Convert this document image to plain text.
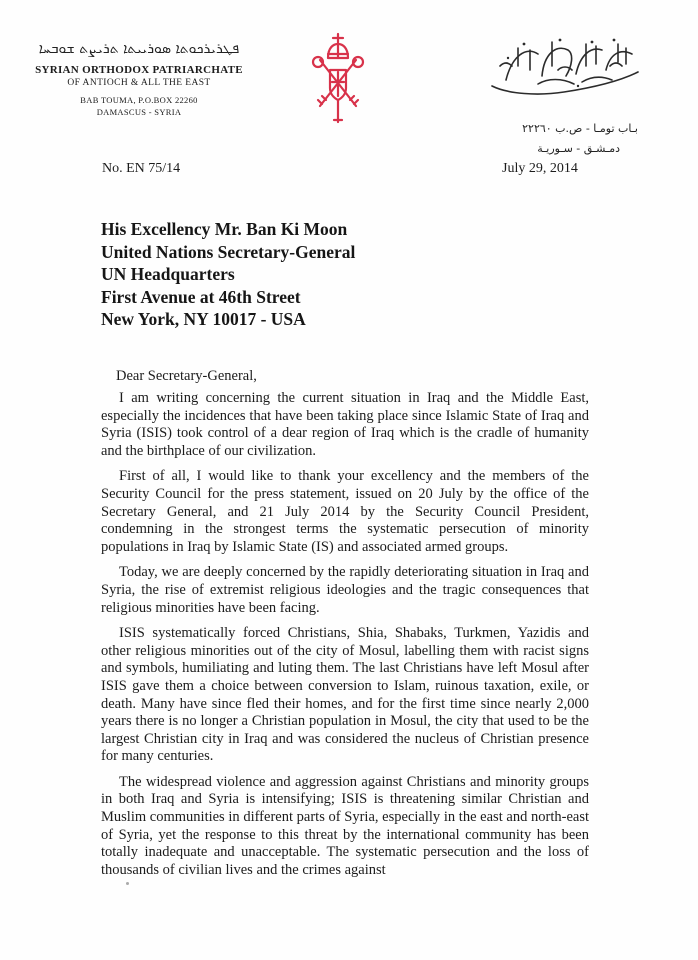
ܦܛܪܝܪܟܘܬܐ ܣܘܪܝܝܬܐ ܬܪܝܨܬ ܫܘܒܚܐ
SYRIAN ORTHODOX PATRIARCHATE
OF ANTIOCH & ALL THE EAST
BAB TOUMA, P.O.BOX 22260
DAMASCUS - SYRIA
بـاب تومـا - ص.ب ٢٢٢٦٠
دمـشـق - سـوريـة
No. EN 75/14	July 29, 2014
His Excellency Mr. Ban Ki Moon
United Nations Secretary-General
UN Headquarters
First Avenue at 46th Street
New York, NY 10017 - USA
Dear Secretary-General,

I am writing concerning the current situation in Iraq and the Middle East, especially the incidences that have been taking place since Islamic State of Iraq and Syria (ISIS) took control of a dear region of Iraq which is the cradle of humanity and the birthplace of our civilization.

First of all, I would like to thank your excellency and the members of the Security Council for the press statement, issued on 20 July by the office of the Secretary General, and 21 July 2014 by the Security Council President, condemning in the strongest terms the systematic persecution of minority populations in Iraq by Islamic State (IS) and associated armed groups.

Today, we are deeply concerned by the rapidly deteriorating situation in Iraq and Syria, the rise of extremist religious ideologies and the tragic consequences that religious minorities have been facing.

ISIS systematically forced Christians, Shia, Shabaks, Turkmen, Yazidis and other religious minorities out of the city of Mosul, labelling them with racist signs and symbols, humiliating and luting them. The last Christians have left Mosul after ISIS gave them a choice between conversion to Islam, ruinous taxation, exile, or death. Many have since fled their homes, and for the first time since nearly 2,000 years there is no longer a Christian population in Mosul, the city that used to be the largest Christian city in Iraq and was considered the nucleus of Christian presence for many centuries.

The widespread violence and aggression against Christians and minority groups in both Iraq and Syria is intensifying; ISIS is threatening similar Christian and Muslim communities in different parts of Syria, especially in the east and north-east of Syria, yet the response to this threat by the international community has been totally inadequate and unacceptable. The systematic persecution and the loss of thousands of civilian lives and the crimes against
